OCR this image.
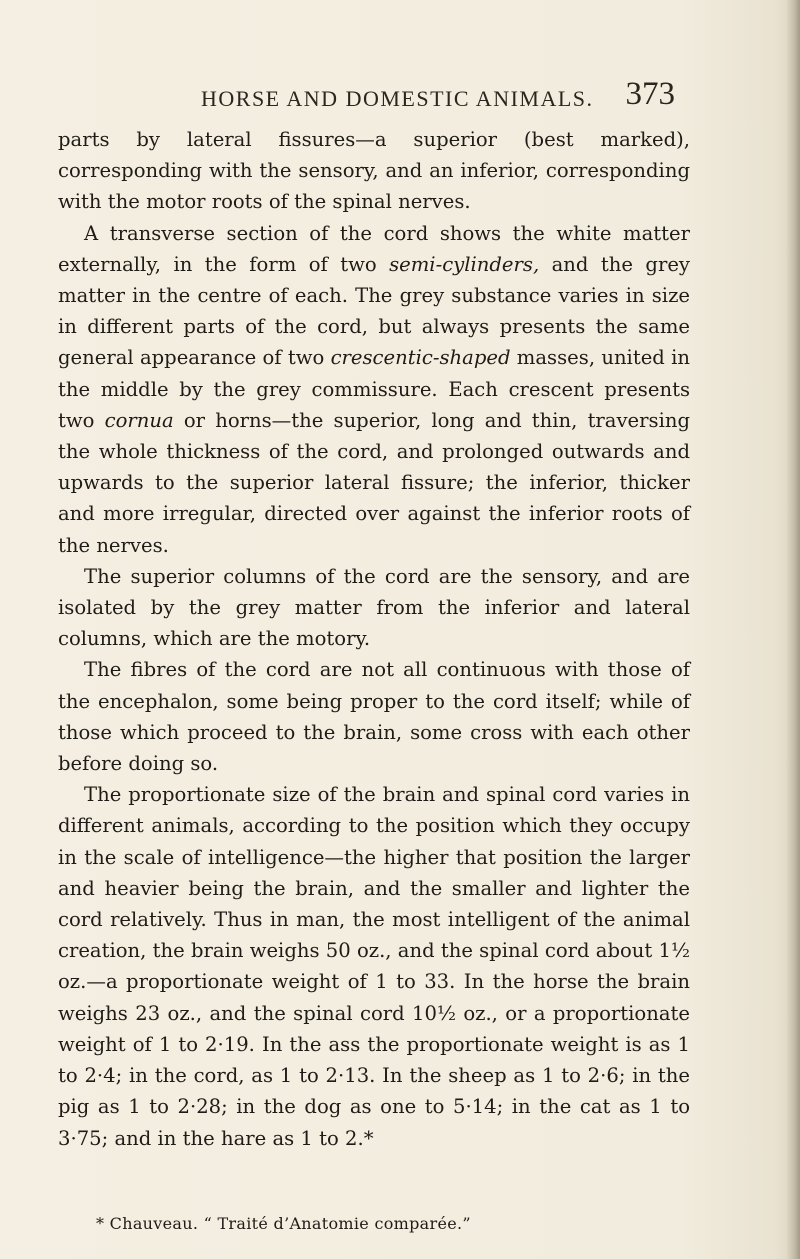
HORSE AND DOMESTIC ANIMALS. 373

parts by lateral fissures—a superior (best marked), corresponding with the sensory, and an inferior, corresponding with the motor roots of the spinal nerves.

A transverse section of the cord shows the white matter externally, in the form of two semi-cylinders, and the grey matter in the centre of each. The grey substance varies in size in different parts of the cord, but always presents the same general appearance of two crescentic-shaped masses, united in the middle by the grey commissure. Each crescent presents two cornua or horns—the superior, long and thin, traversing the whole thickness of the cord, and prolonged outwards and upwards to the superior lateral fissure; the inferior, thicker and more irregular, directed over against the inferior roots of the nerves.

The superior columns of the cord are the sensory, and are isolated by the grey matter from the inferior and lateral columns, which are the motory.

The fibres of the cord are not all continuous with those of the encephalon, some being proper to the cord itself; while of those which proceed to the brain, some cross with each other before doing so.

The proportionate size of the brain and spinal cord varies in different animals, according to the position which they occupy in the scale of intelligence—the higher that position the larger and heavier being the brain, and the smaller and lighter the cord relatively. Thus in man, the most intelligent of the animal creation, the brain weighs 50 oz., and the spinal cord about 1½ oz.—a proportionate weight of 1 to 33. In the horse the brain weighs 23 oz., and the spinal cord 10½ oz., or a proportionate weight of 1 to 2·19. In the ass the proportionate weight is as 1 to 2·4; in the cord, as 1 to 2·13. In the sheep as 1 to 2·6; in the pig as 1 to 2·28; in the dog as one to 5·14; in the cat as 1 to 3·75; and in the hare as 1 to 2.*

* Chauveau. “ Traité d’Anatomie comparée.”
